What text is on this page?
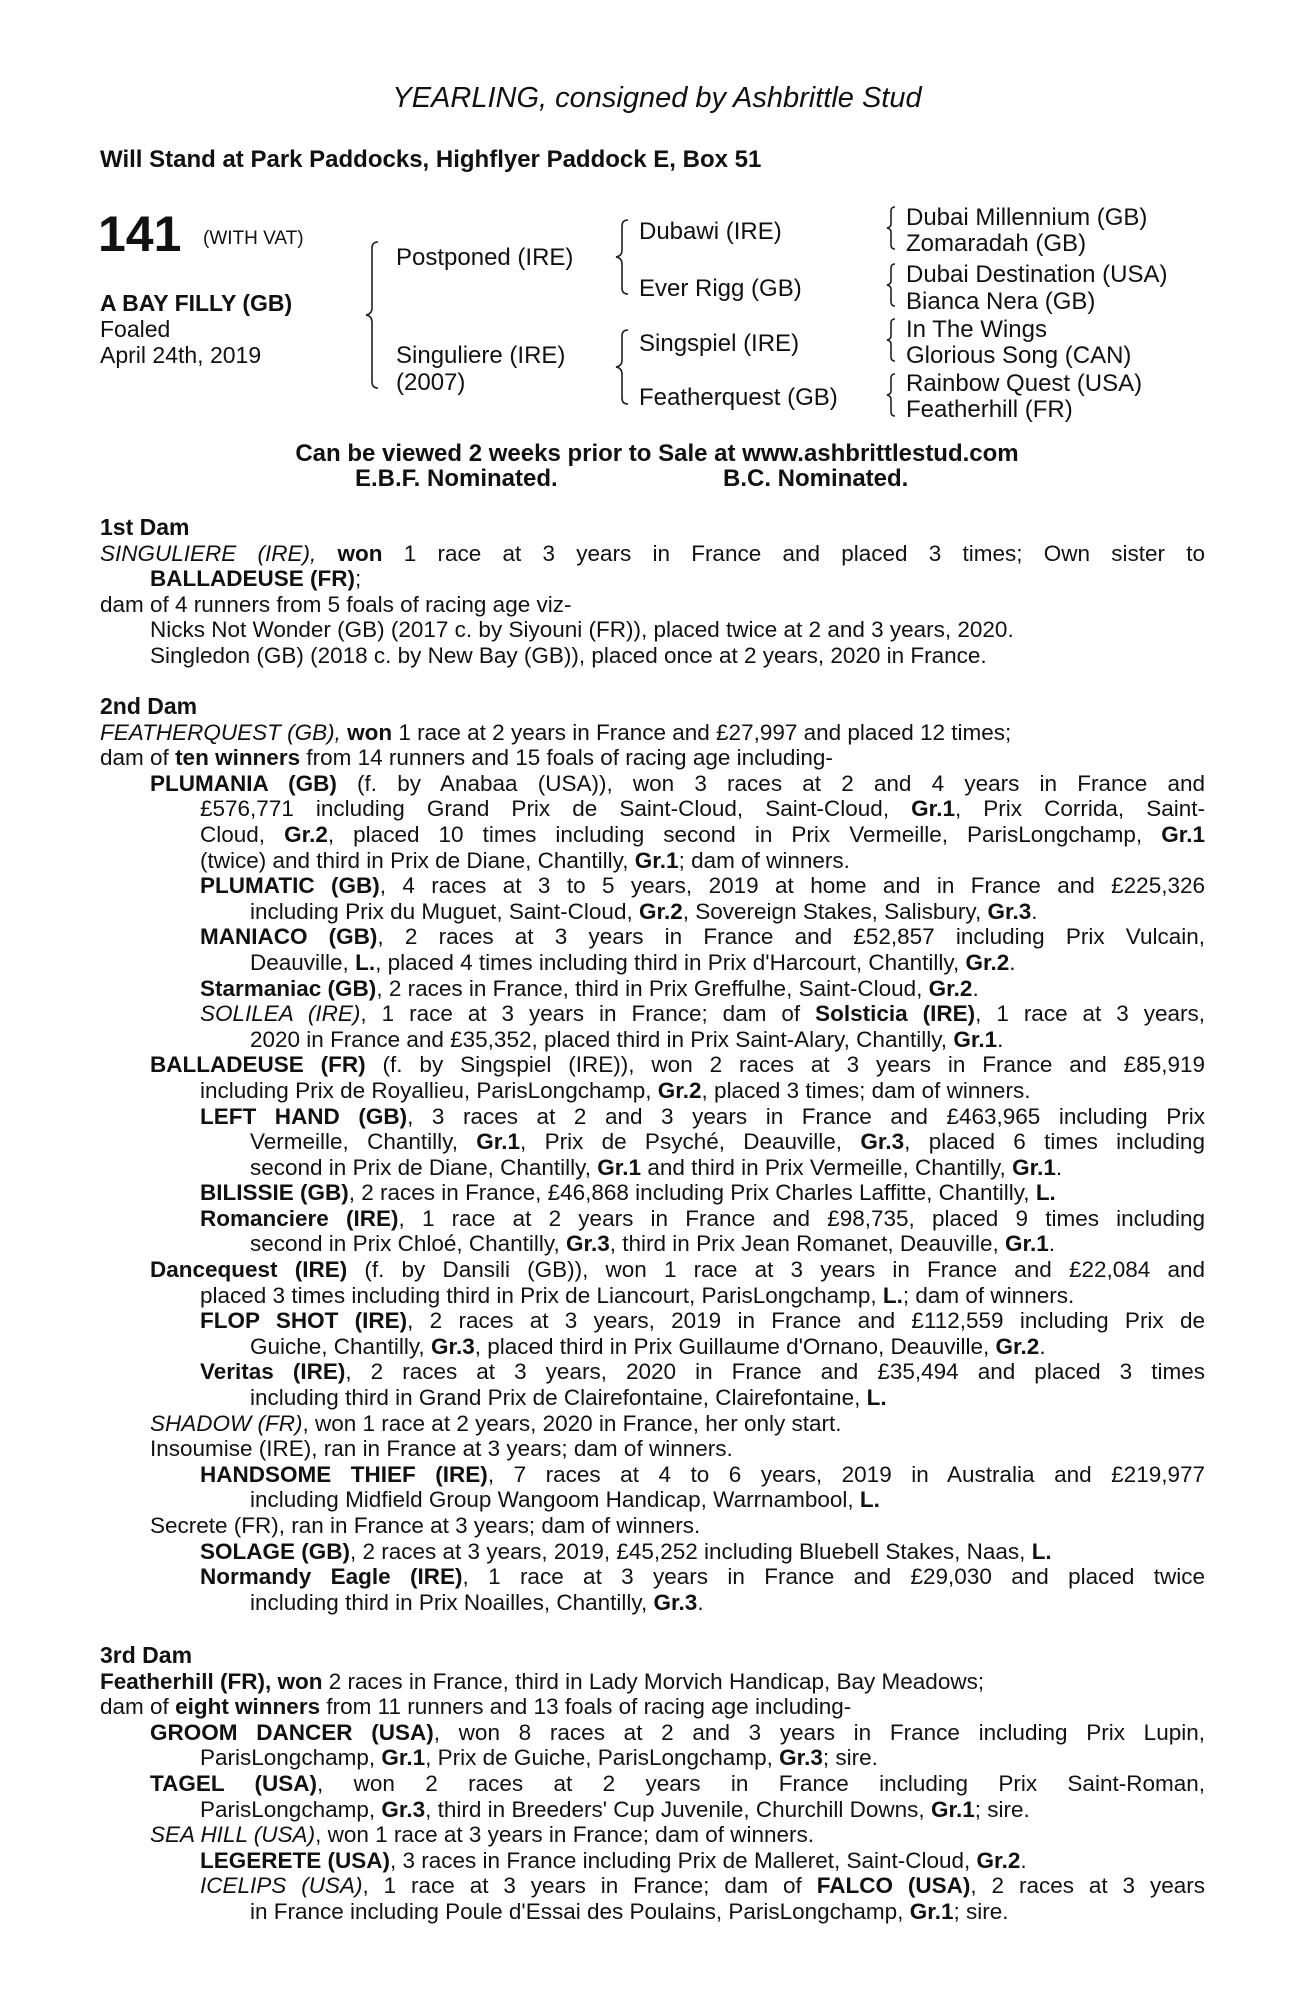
YEARLING, consigned by Ashbrittle Stud
Will Stand at Park Paddocks, Highflyer Paddock E, Box 51
141 (WITH VAT)
A BAY FILLY (GB)
Foaled
April 24th, 2019
Postponed (IRE)
Singuliere (IRE)
(2007)
Dubawi (IRE)
Ever Rigg (GB)
Singspiel (IRE)
Featherquest (GB)
Dubai Millennium (GB)
Zomaradah (GB)
Dubai Destination (USA)
Bianca Nera (GB)
In The Wings
Glorious Song (CAN)
Rainbow Quest (USA)
Featherhill (FR)
Can be viewed 2 weeks prior to Sale at www.ashbrittlestud.com
E.B.F. Nominated.	B.C. Nominated.
1st Dam
SINGULIERE (IRE), won 1 race at 3 years in France and placed 3 times; Own sister to
BALLADEUSE (FR);
dam of 4 runners from 5 foals of racing age viz-
Nicks Not Wonder (GB) (2017 c. by Siyouni (FR)), placed twice at 2 and 3 years, 2020.
Singledon (GB) (2018 c. by New Bay (GB)), placed once at 2 years, 2020 in France.
2nd Dam
FEATHERQUEST (GB), won 1 race at 2 years in France and £27,997 and placed 12 times;
dam of ten winners from 14 runners and 15 foals of racing age including-
PLUMANIA (GB) (f. by Anabaa (USA)), won 3 races at 2 and 4 years in France and
£576,771 including Grand Prix de Saint-Cloud, Saint-Cloud, Gr.1, Prix Corrida, Saint-
Cloud, Gr.2, placed 10 times including second in Prix Vermeille, ParisLongchamp, Gr.1
(twice) and third in Prix de Diane, Chantilly, Gr.1; dam of winners.
PLUMATIC (GB), 4 races at 3 to 5 years, 2019 at home and in France and £225,326
including Prix du Muguet, Saint-Cloud, Gr.2, Sovereign Stakes, Salisbury, Gr.3.
MANIACO (GB), 2 races at 3 years in France and £52,857 including Prix Vulcain,
Deauville, L., placed 4 times including third in Prix d'Harcourt, Chantilly, Gr.2.
Starmaniac (GB), 2 races in France, third in Prix Greffulhe, Saint-Cloud, Gr.2.
SOLILEA (IRE), 1 race at 3 years in France; dam of Solsticia (IRE), 1 race at 3 years,
2020 in France and £35,352, placed third in Prix Saint-Alary, Chantilly, Gr.1.
BALLADEUSE (FR) (f. by Singspiel (IRE)), won 2 races at 3 years in France and £85,919
including Prix de Royallieu, ParisLongchamp, Gr.2, placed 3 times; dam of winners.
LEFT HAND (GB), 3 races at 2 and 3 years in France and £463,965 including Prix
Vermeille, Chantilly, Gr.1, Prix de Psyché, Deauville, Gr.3, placed 6 times including
second in Prix de Diane, Chantilly, Gr.1 and third in Prix Vermeille, Chantilly, Gr.1.
BILISSIE (GB), 2 races in France, £46,868 including Prix Charles Laffitte, Chantilly, L.
Romanciere (IRE), 1 race at 2 years in France and £98,735, placed 9 times including
second in Prix Chloé, Chantilly, Gr.3, third in Prix Jean Romanet, Deauville, Gr.1.
Dancequest (IRE) (f. by Dansili (GB)), won 1 race at 3 years in France and £22,084 and
placed 3 times including third in Prix de Liancourt, ParisLongchamp, L.; dam of winners.
FLOP SHOT (IRE), 2 races at 3 years, 2019 in France and £112,559 including Prix de
Guiche, Chantilly, Gr.3, placed third in Prix Guillaume d'Ornano, Deauville, Gr.2.
Veritas (IRE), 2 races at 3 years, 2020 in France and £35,494 and placed 3 times
including third in Grand Prix de Clairefontaine, Clairefontaine, L.
SHADOW (FR), won 1 race at 2 years, 2020 in France, her only start.
Insoumise (IRE), ran in France at 3 years; dam of winners.
HANDSOME THIEF (IRE), 7 races at 4 to 6 years, 2019 in Australia and £219,977
including Midfield Group Wangoom Handicap, Warrnambool, L.
Secrete (FR), ran in France at 3 years; dam of winners.
SOLAGE (GB), 2 races at 3 years, 2019, £45,252 including Bluebell Stakes, Naas, L.
Normandy Eagle (IRE), 1 race at 3 years in France and £29,030 and placed twice
including third in Prix Noailles, Chantilly, Gr.3.
3rd Dam
Featherhill (FR), won 2 races in France, third in Lady Morvich Handicap, Bay Meadows;
dam of eight winners from 11 runners and 13 foals of racing age including-
GROOM DANCER (USA), won 8 races at 2 and 3 years in France including Prix Lupin,
ParisLongchamp, Gr.1, Prix de Guiche, ParisLongchamp, Gr.3; sire.
TAGEL (USA), won 2 races at 2 years in France including Prix Saint-Roman,
ParisLongchamp, Gr.3, third in Breeders' Cup Juvenile, Churchill Downs, Gr.1; sire.
SEA HILL (USA), won 1 race at 3 years in France; dam of winners.
LEGERETE (USA), 3 races in France including Prix de Malleret, Saint-Cloud, Gr.2.
ICELIPS (USA), 1 race at 3 years in France; dam of FALCO (USA), 2 races at 3 years
in France including Poule d'Essai des Poulains, ParisLongchamp, Gr.1; sire.
